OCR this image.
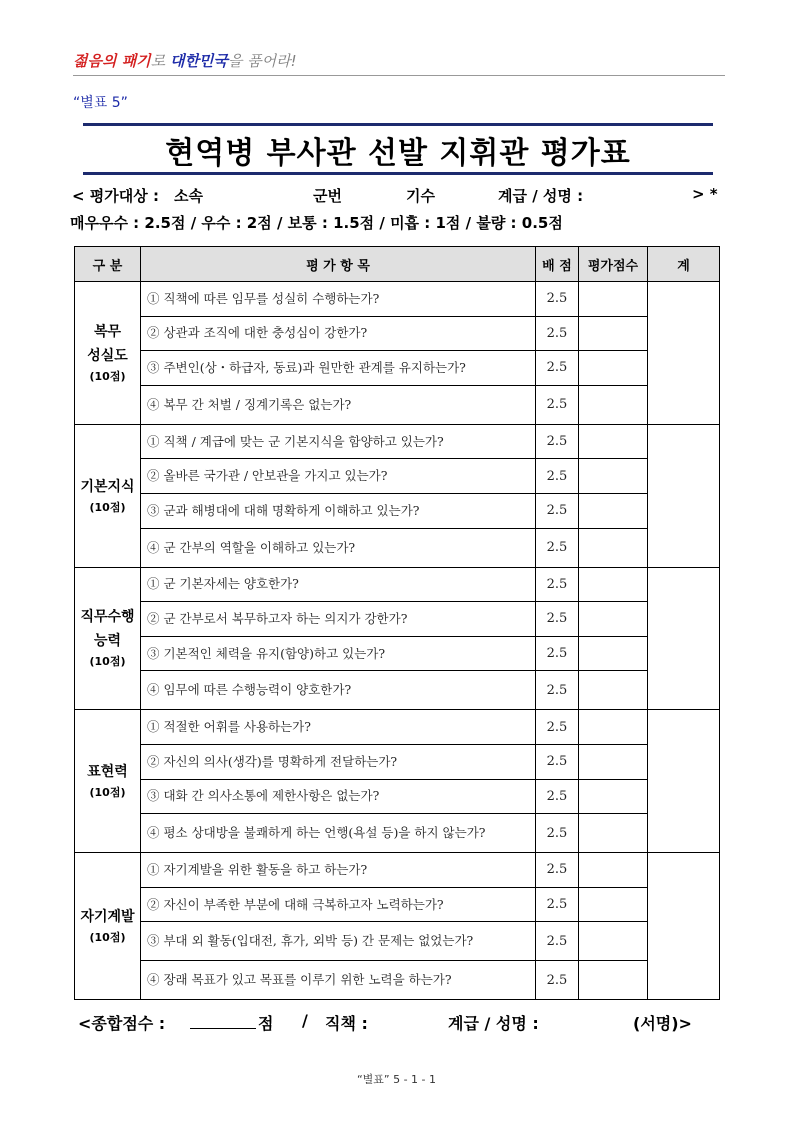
젊음의 패기로 대한민국을 품어라!
“별표 5”
현역병 부사관 선발 지휘관 평가표
< 평가대상 : 소속	군번	기수	계급 / 성명 :	> *
매우우수 : 2.5점 / 우수 : 2점 / 보통 : 1.5점 / 미흡 : 1점 / 불량 : 0.5점
구 분	평 가 항 목	배 점	평가점수	계
복무
성실도
(10점)	① 직책에 따른 임무를 성실히 수행하는가?	2.5		
	② 상관과 조직에 대한 충성심이 강한가?	2.5		
	③ 주변인(상・하급자, 동료)과 원만한 관계를 유지하는가?	2.5		
	④ 복무 간 처벌 / 징계기록은 없는가?	2.5		
기본지식
(10점)	① 직책 / 계급에 맞는 군 기본지식을 함양하고 있는가?	2.5		
	② 올바른 국가관 / 안보관을 가지고 있는가?	2.5		
	③ 군과 해병대에 대해 명확하게 이해하고 있는가?	2.5		
	④ 군 간부의 역할을 이해하고 있는가?	2.5		
직무수행
능력
(10점)	① 군 기본자세는 양호한가?	2.5		
	② 군 간부로서 복무하고자 하는 의지가 강한가?	2.5		
	③ 기본적인 체력을 유지(함양)하고 있는가?	2.5		
	④ 임무에 따른 수행능력이 양호한가?	2.5		
표현력
(10점)	① 적절한 어휘를 사용하는가?	2.5		
	② 자신의 의사(생각)를 명확하게 전달하는가?	2.5		
	③ 대화 간 의사소통에 제한사항은 없는가?	2.5		
	④ 평소 상대방을 불쾌하게 하는 언행(욕설 등)을 하지 않는가?	2.5		
자기계발
(10점)	① 자기계발을 위한 활동을 하고 하는가?	2.5		
	② 자신이 부족한 부분에 대해 극복하고자 노력하는가?	2.5		
	③ 부대 외 활동(입대전, 휴가, 외박 등) 간 문제는 없었는가?	2.5		
	④ 장래 목표가 있고 목표를 이루기 위한 노력을 하는가?	2.5		
<종합점수 :	점 / 직책 :	계급 / 성명 :	(서명)>
“별표” 5 - 1 - 1
